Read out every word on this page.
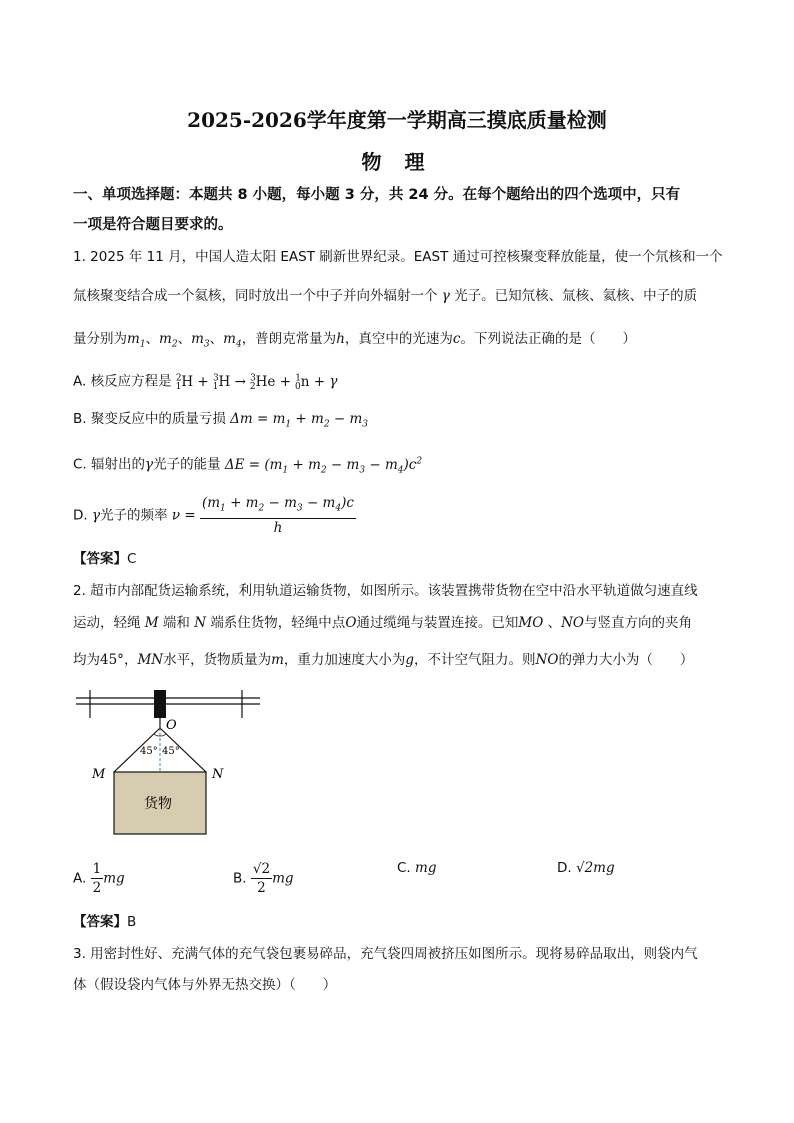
2025-2026学年度第一学期高三摸底质量检测
物 理
一、单项选择题：本题共 8 小题，每小题 3 分，共 24 分。在每个题给出的四个选项中，只有
一项是符合题目要求的。
1. 2025 年 11 月，中国人造太阳 EAST 刷新世界纪录。EAST 通过可控核聚变释放能量，使一个氘核和一个
氚核聚变结合成一个氦核，同时放出一个中子并向外辐射一个 γ 光子。已知氘核、氚核、氦核、中子的质
量分别为$m_1$、$m_2$、$m_3$、$m_4$，普朗克常量为h，真空中的光速为c。下列说法正确的是（　　）
A. 核反应方程是 $^2_1$H + $^3_1$H → $^3_2$He + $^1_0$n + γ
B. 聚变反应中的质量亏损 $\Delta m = m_1 + m_2 - m_3$
C. 辐射出的γ光子的能量 $\Delta E = (m_1 + m_2 - m_3 - m_4)c^2$
D. γ光子的频率 $\nu = \frac{(m_1 + m_2 - m_3 - m_4)c}{h}$
【答案】C
2. 超市内部配货运输系统，利用轨道运输货物，如图所示。该装置携带货物在空中沿水平轨道做匀速直线
运动，轻绳 M 端和 N 端系住货物，轻绳中点O通过缆绳与装置连接。已知MO 、NO与竖直方向的夹角
均为45°，MN水平，货物质量为m，重力加速度大小为g，不计空气阻力。则NO的弹力大小为（　　）
O
45° 45°
M	N
货物
A. $\frac{1}{2}$ mg	B. $\frac{√2}{2}$ mg
C. mg	D. √2mg
【答案】B
3. 用密封性好、充满气体的充气袋包裹易碎品，充气袋四周被挤压如图所示。现将易碎品取出，则袋内气
体（假设袋内气体与外界无热交换）（　　）
